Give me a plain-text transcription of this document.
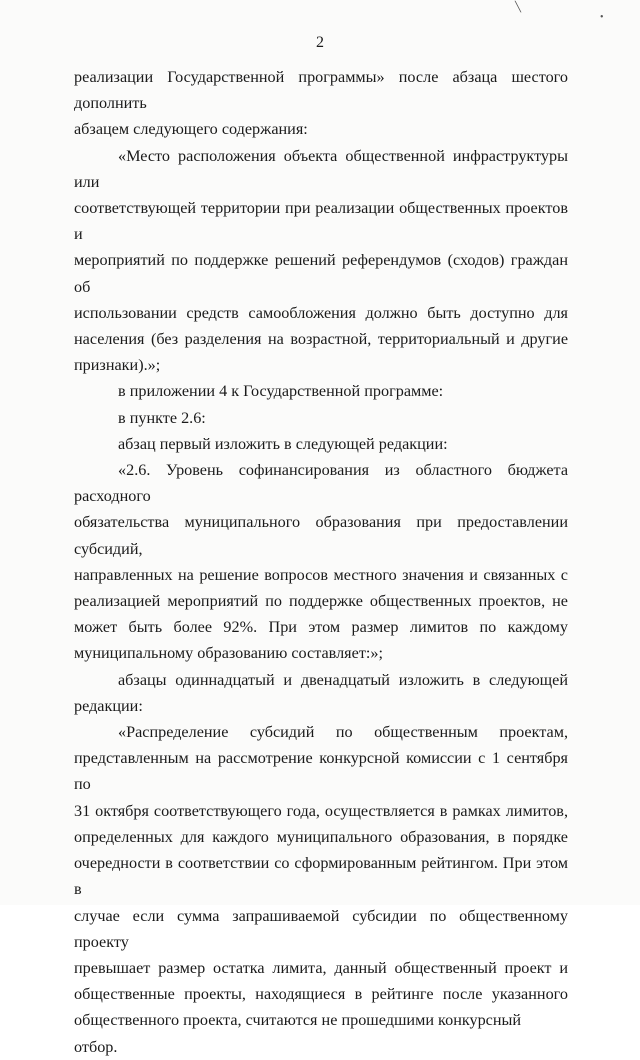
╲
•
2
реализации Государственной программы» после абзаца шестого дополнить
абзацем следующего содержания:
«Место расположения объекта общественной инфраструктуры или
соответствующей территории при реализации общественных проектов и
мероприятий по поддержке решений референдумов (сходов) граждан об
использовании средств самообложения должно быть доступно для
населения (без разделения на возрастной, территориальный и другие
признаки).»;
в приложении 4 к Государственной программе:
в пункте 2.6:
абзац первый изложить в следующей редакции:
«2.6. Уровень софинансирования из областного бюджета расходного
обязательства муниципального образования при предоставлении субсидий,
направленных на решение вопросов местного значения и связанных с
реализацией мероприятий по поддержке общественных проектов, не
может быть более 92%. При этом размер лимитов по каждому
муниципальному образованию составляет:»;
абзацы одиннадцатый и двенадцатый изложить в следующей
редакции:
«Распределение субсидий по общественным проектам,
представленным на рассмотрение конкурсной комиссии с 1 сентября по
31 октября соответствующего года, осуществляется в рамках лимитов,
определенных для каждого муниципального образования, в порядке
очередности в соответствии со сформированным рейтингом. При этом в
случае если сумма запрашиваемой субсидии по общественному проекту
превышает размер остатка лимита, данный общественный проект и
общественные проекты, находящиеся в рейтинге после указанного
общественного проекта, считаются не прошедшими конкурсный отбор.
